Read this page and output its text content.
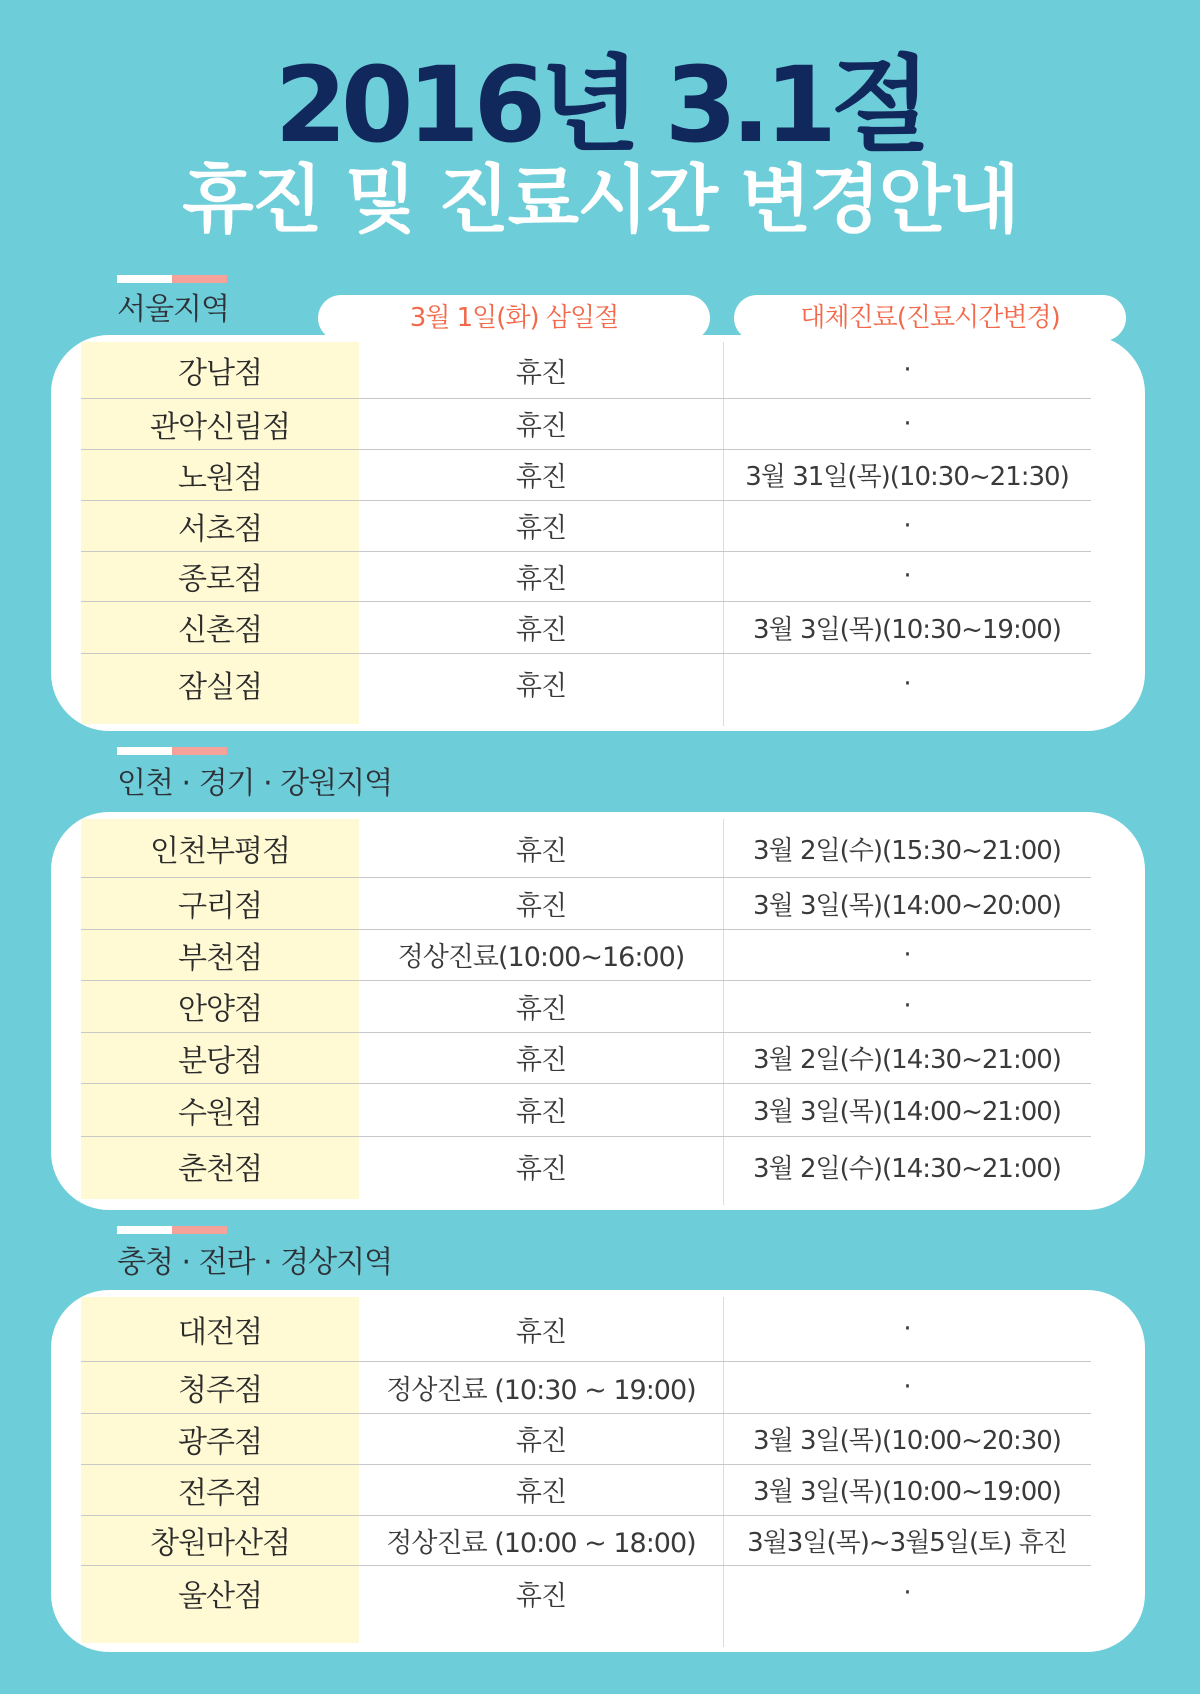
2016년 3.1절
휴진 및 진료시간 변경안내
서울지역	3월 1일(화) 삼일절	대체진료(진료시간변경)
강남점	휴진	·
관악신림점	휴진	·
노원점	휴진	3월 31일(목)(10:30~21:30)
서초점	휴진	·
종로점	휴진	·
신촌점	휴진	3월 3일(목)(10:30~19:00)
잠실점	휴진	·
인천 · 경기 · 강원지역
인천부평점	휴진	3월 2일(수)(15:30~21:00)
구리점	휴진	3월 3일(목)(14:00~20:00)
부천점	정상진료(10:00~16:00)	·
안양점	휴진	·
분당점	휴진	3월 2일(수)(14:30~21:00)
수원점	휴진	3월 3일(목)(14:00~21:00)
춘천점	휴진	3월 2일(수)(14:30~21:00)
충청 · 전라 · 경상지역
대전점	휴진	·
청주점	정상진료 (10:30 ~ 19:00)	·
광주점	휴진	3월 3일(목)(10:00~20:30)
전주점	휴진	3월 3일(목)(10:00~19:00)
창원마산점	정상진료 (10:00 ~ 18:00)	3월3일(목)~3월5일(토) 휴진
울산점	휴진	·
